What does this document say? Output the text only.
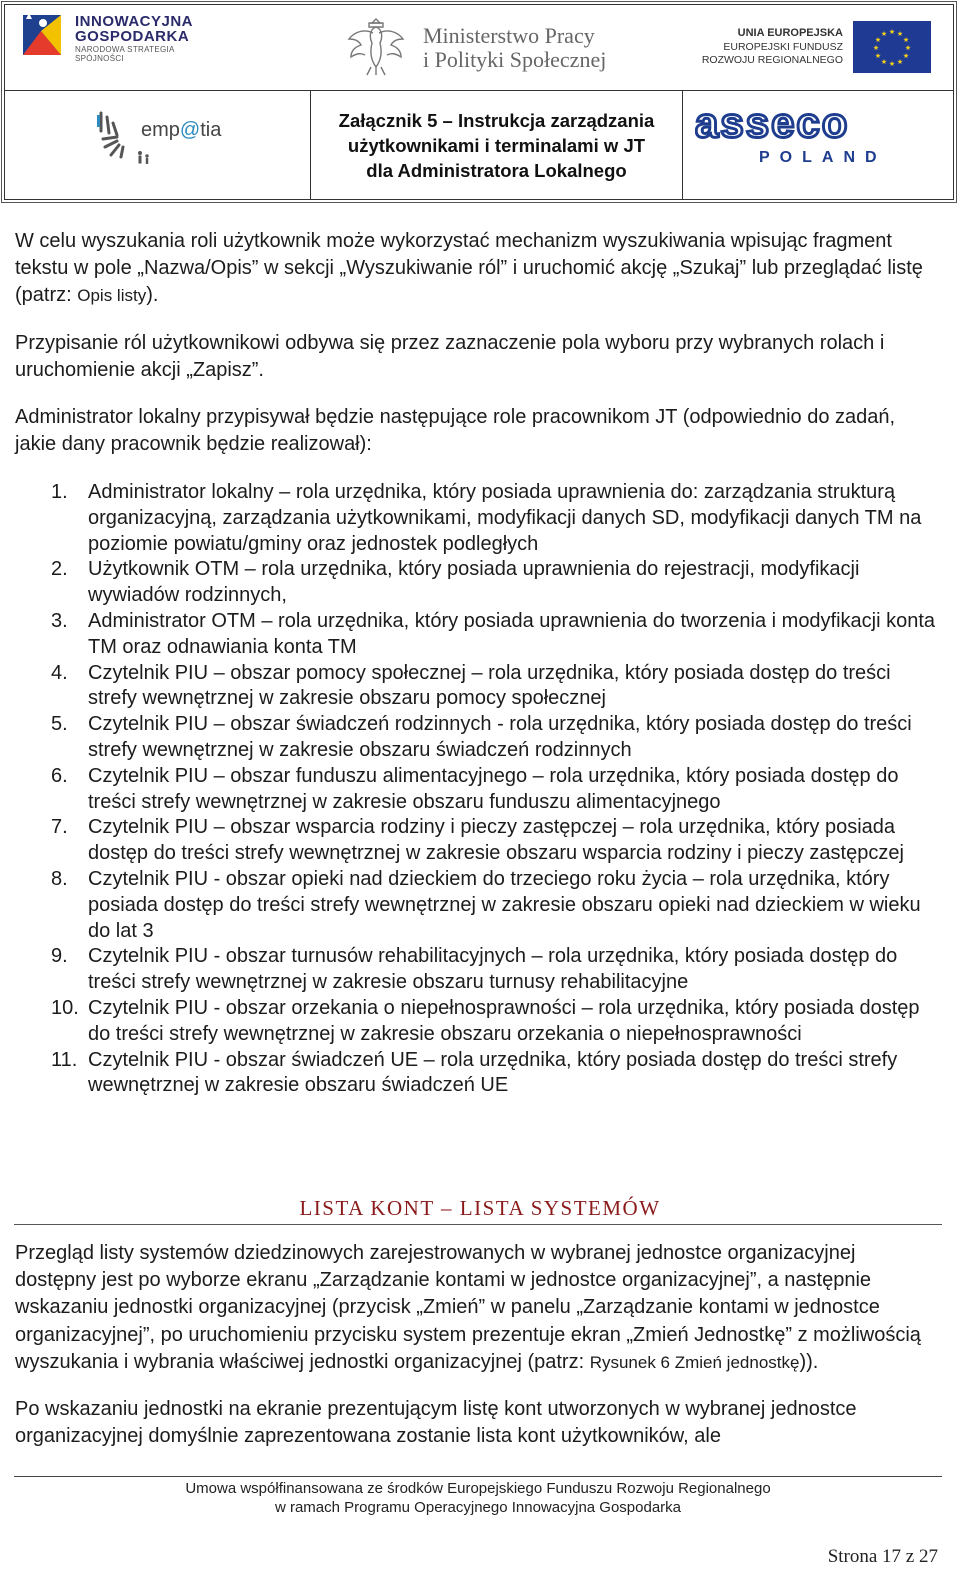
INNOWACYJNA
GOSPODARKA
NARODOWA STRATEGIA SPÓJNOŚCI
Ministerstwo Pracy
i Polityki Społecznej
UNIA EUROPEJSKA
EUROPEJSKI FUNDUSZ
ROZWOJU REGIONALNEGO
★ ★
★
★
★
★
★
★
★
★
★
★
emp@tia	Załącznik 5 – Instrukcja zarządzania
użytkownikami i terminalami w JT
dla Administratora Lokalnego
asseco
POLAND

W celu wyszukania roli użytkownik może wykorzystać mechanizm wyszukiwania wpisując fragment tekstu w pole „Nazwa/Opis” w sekcji „Wyszukiwanie ról” i uruchomić akcję „Szukaj” lub przeglądać listę (patrz: Opis listy).

Przypisanie ról użytkownikowi odbywa się przez zaznaczenie pola wyboru przy wybranych rolach i uruchomienie akcji „Zapisz”.

Administrator lokalny przypisywał będzie następujące role pracownikom JT (odpowiednio do zadań, jakie dany pracownik będzie realizował):

1. Administrator lokalny – rola urzędnika, który posiada uprawnienia do: zarządzania strukturą organizacyjną, zarządzania użytkownikami, modyfikacji danych SD, modyfikacji danych TM na poziomie powiatu/gminy oraz jednostek podległych
2. Użytkownik OTM – rola urzędnika, który posiada uprawnienia do rejestracji, modyfikacji wywiadów rodzinnych,
3. Administrator OTM – rola urzędnika, który posiada uprawnienia do tworzenia i modyfikacji konta TM oraz odnawiania konta TM
4. Czytelnik PIU – obszar pomocy społecznej – rola urzędnika, który posiada dostęp do treści strefy wewnętrznej w zakresie obszaru pomocy społecznej
5. Czytelnik PIU – obszar świadczeń rodzinnych - rola urzędnika, który posiada dostęp do treści strefy wewnętrznej w zakresie obszaru świadczeń rodzinnych
6. Czytelnik PIU – obszar funduszu alimentacyjnego – rola urzędnika, który posiada dostęp do treści strefy wewnętrznej w zakresie obszaru funduszu alimentacyjnego
7. Czytelnik PIU – obszar wsparcia rodziny i pieczy zastępczej – rola urzędnika, który posiada dostęp do treści strefy wewnętrznej w zakresie obszaru wsparcia rodziny i pieczy zastępczej
8. Czytelnik PIU - obszar opieki nad dzieckiem do trzeciego roku życia – rola urzędnika, który posiada dostęp do treści strefy wewnętrznej w zakresie obszaru opieki nad dzieckiem w wieku do lat 3
9. Czytelnik PIU - obszar turnusów rehabilitacyjnych – rola urzędnika, który posiada dostęp do treści strefy wewnętrznej w zakresie obszaru turnusy rehabilitacyjne
10. Czytelnik PIU - obszar orzekania o niepełnosprawności – rola urzędnika, który posiada dostęp do treści strefy wewnętrznej w zakresie obszaru orzekania o niepełnosprawności
11. Czytelnik PIU - obszar świadczeń UE – rola urzędnika, który posiada dostęp do treści strefy wewnętrznej w zakresie obszaru świadczeń UE
LISTA KONT – LISTA SYSTEMÓW

Przegląd listy systemów dziedzinowych zarejestrowanych w wybranej jednostce organizacyjnej dostępny jest po wyborze ekranu „Zarządzanie kontami w jednostce organizacyjnej”, a następnie wskazaniu jednostki organizacyjnej (przycisk „Zmień” w panelu „Zarządzanie kontami w jednostce organizacyjnej”, po uruchomieniu przycisku system prezentuje ekran „Zmień Jednostkę” z możliwością wyszukania i wybrania właściwej jednostki organizacyjnej (patrz: Rysunek 6 Zmień jednostkę)).

Po wskazaniu jednostki na ekranie prezentującym listę kont utworzonych w wybranej jednostce organizacyjnej domyślnie zaprezentowana zostanie lista kont użytkowników, ale

Umowa współfinansowana ze środków Europejskiego Funduszu Rozwoju Regionalnego
w ramach Programu Operacyjnego Innowacyjna Gospodarka
Strona 17 z 27
